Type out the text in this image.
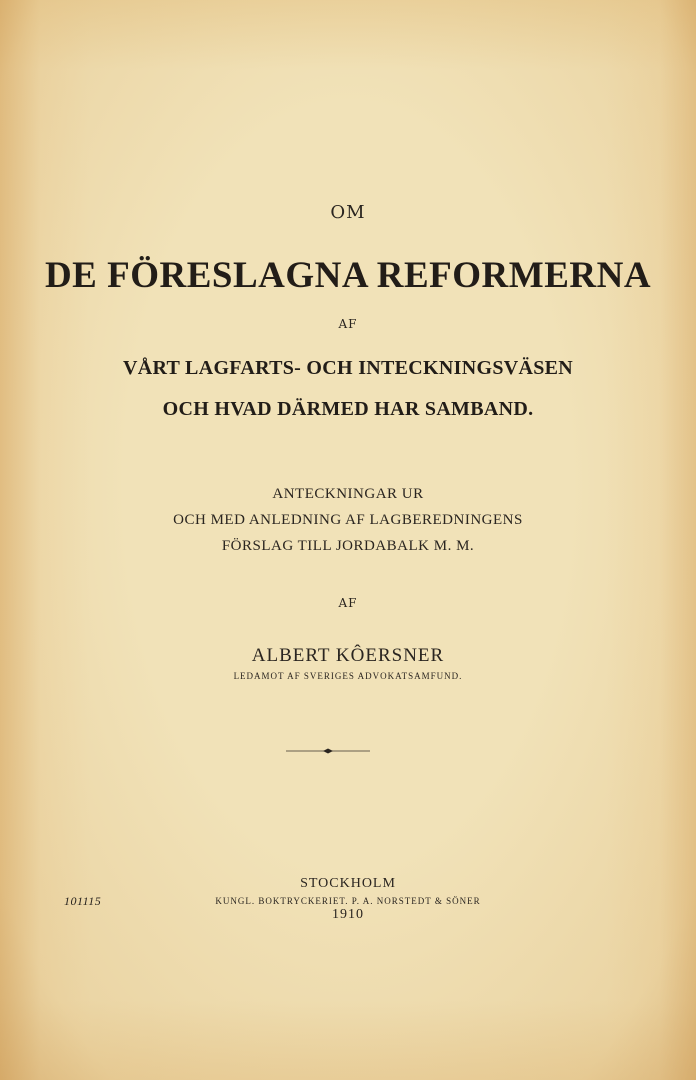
OM
DE FÖRESLAGNA REFORMERNA
AF
VÅRT LAGFARTS- OCH INTECKNINGSVÄSEN
OCH HVAD DÄRMED HAR SAMBAND.
ANTECKNINGAR UR
OCH MED ANLEDNING AF LAGBEREDNINGENS
FÖRSLAG TILL JORDABALK M. M.
AF
ALBERT KÔERSNER
LEDAMOT AF SVERIGES ADVOKATSAMFUND.
101115
STOCKHOLM
KUNGL. BOKTRYCKERIET. P. A. NORSTEDT & SÖNER
1910
